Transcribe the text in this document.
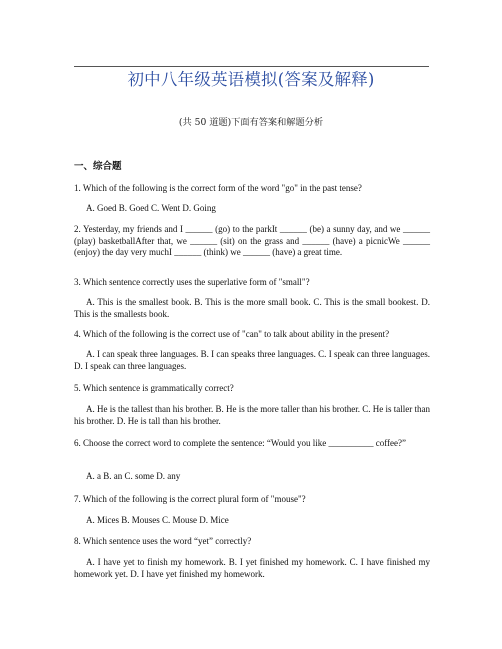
初中八年级英语模拟(答案及解释)
(共 50 道题)下面有答案和解题分析
一、综合题

1. Which of the following is the correct form of the word "go" in the past tense?

A. Goed B. Goed C. Went D. Going

2. Yesterday, my friends and I ______ (go) to the parkIt ______ (be) a sunny day, and we ______ (play) basketballAfter that, we ______ (sit) on the grass and ______ (have) a picnicWe ______ (enjoy) the day very muchI ______ (think) we ______ (have) a great time.

3. Which sentence correctly uses the superlative form of "small"?

A. This is the smallest book. B. This is the more small book. C. This is the small bookest. D. This is the smallests book.

4. Which of the following is the correct use of "can" to talk about ability in the present?

A. I can speak three languages. B. I can speaks three languages. C. I speak can three languages. D. I speak can three languages.

5. Which sentence is grammatically correct?

A. He is the tallest than his brother. B. He is the more taller than his brother. C. He is taller than his brother. D. He is tall than his brother.

6. Choose the correct word to complete the sentence: “Would you like __________ coffee?”

A. a B. an C. some D. any

7. Which of the following is the correct plural form of "mouse"?

A. Mices B. Mouses C. Mouse D. Mice

8. Which sentence uses the word “yet” correctly?

A. I have yet to finish my homework. B. I yet finished my homework. C. I have finished my homework yet. D. I have yet finished my homework.
